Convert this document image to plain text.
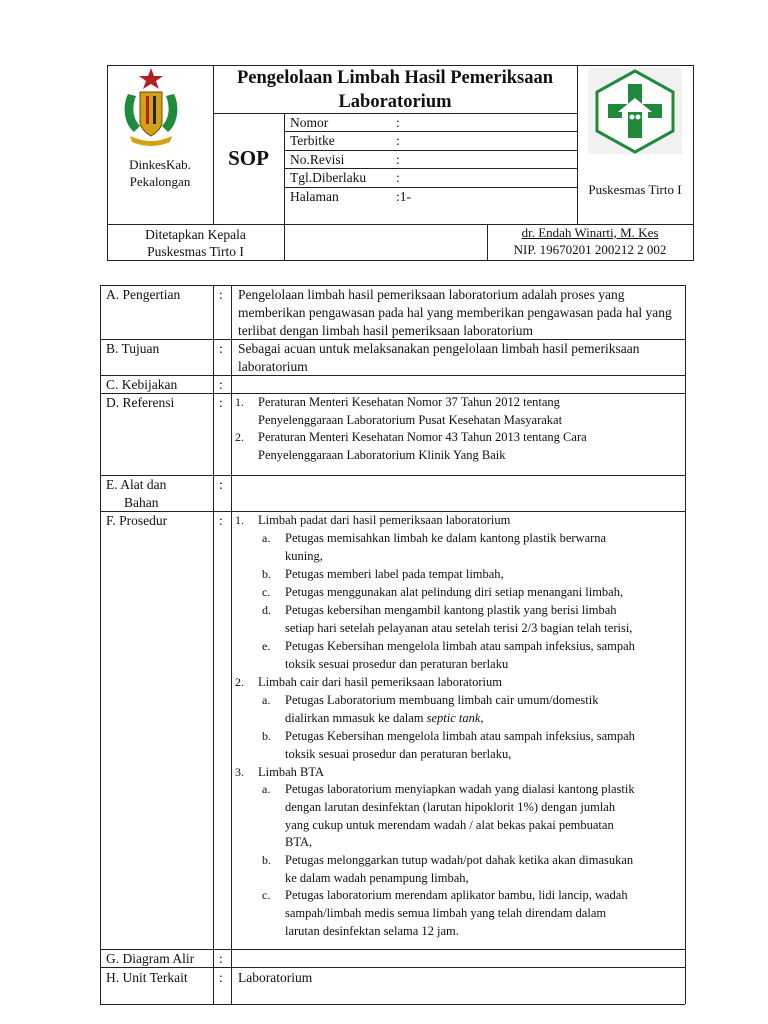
DinkesKab.
Pekalongan
Pengelolaan Limbah Hasil Pemeriksaan
Laboratorium
SOP
Nomor	:
Terbitke	:
No.Revisi	:
Tgl.Diberlaku :
Halaman	:1-	Puskesmas Tirto I
Ditetapkan Kepala
Puskesmas Tirto I
dr. Endah Winarti, M. Kes
NIP. 19670201 200212 2 002
A. Pengertian	: Pengelolaan limbah hasil pemeriksaan laboratorium adalah proses yang memberikan pengawasan pada hal yang memberikan pengawasan pada hal yang terlibat dengan limbah hasil pemeriksaan laboratorium
B. Tujuan	: Sebagai acuan untuk melaksanakan pengelolaan limbah hasil pemeriksaan laboratorium
C. Kebijakan	:
D. Referensi	: 1. Peraturan Menteri Kesehatan Nomor 37 Tahun 2012 tentang
Penyelenggaraan Laboratorium Pusat Kesehatan Masyarakat
2. Peraturan Menteri Kesehatan Nomor 43 Tahun 2013 tentang Cara
Penyelenggaraan Laboratorium Klinik Yang Baik
E. Alat dan
Bahan
:
F. Prosedur	: 1. Limbah padat dari hasil pemeriksaan laboratorium
a. Petugas memisahkan limbah ke dalam kantong plastik berwarna
kuning,
b. Petugas memberi label pada tempat limbah,
c. Petugas menggunakan alat pelindung diri setiap menangani limbah,
d. Petugas kebersihan mengambil kantong plastik yang berisi limbah
setiap hari setelah pelayanan atau setelah terisi 2/3 bagian telah terisi,
e. Petugas Kebersihan mengelola limbah atau sampah infeksius, sampah
toksik sesuai prosedur dan peraturan berlaku
2. Limbah cair dari hasil pemeriksaan laboratorium
a. Petugas Laboratorium membuang limbah cair umum/domestik
dialirkan mmasuk ke dalam septic tank,
b. Petugas Kebersihan mengelola limbah atau sampah infeksius, sampah
toksik sesuai prosedur dan peraturan berlaku,
3. Limbah BTA
a. Petugas laboratorium menyiapkan wadah yang dialasi kantong plastik
dengan larutan desinfektan (larutan hipoklorit 1%) dengan jumlah
yang cukup untuk merendam wadah / alat bekas pakai pembuatan
BTA,
b. Petugas melonggarkan tutup wadah/pot dahak ketika akan dimasukan
ke dalam wadah penampung limbah,
c. Petugas laboratorium merendam aplikator bambu, lidi lancip, wadah
sampah/limbah medis semua limbah yang telah direndam dalam
larutan desinfektan selama 12 jam.
G. Diagram Alir :
H. Unit Terkait : Laboratorium
